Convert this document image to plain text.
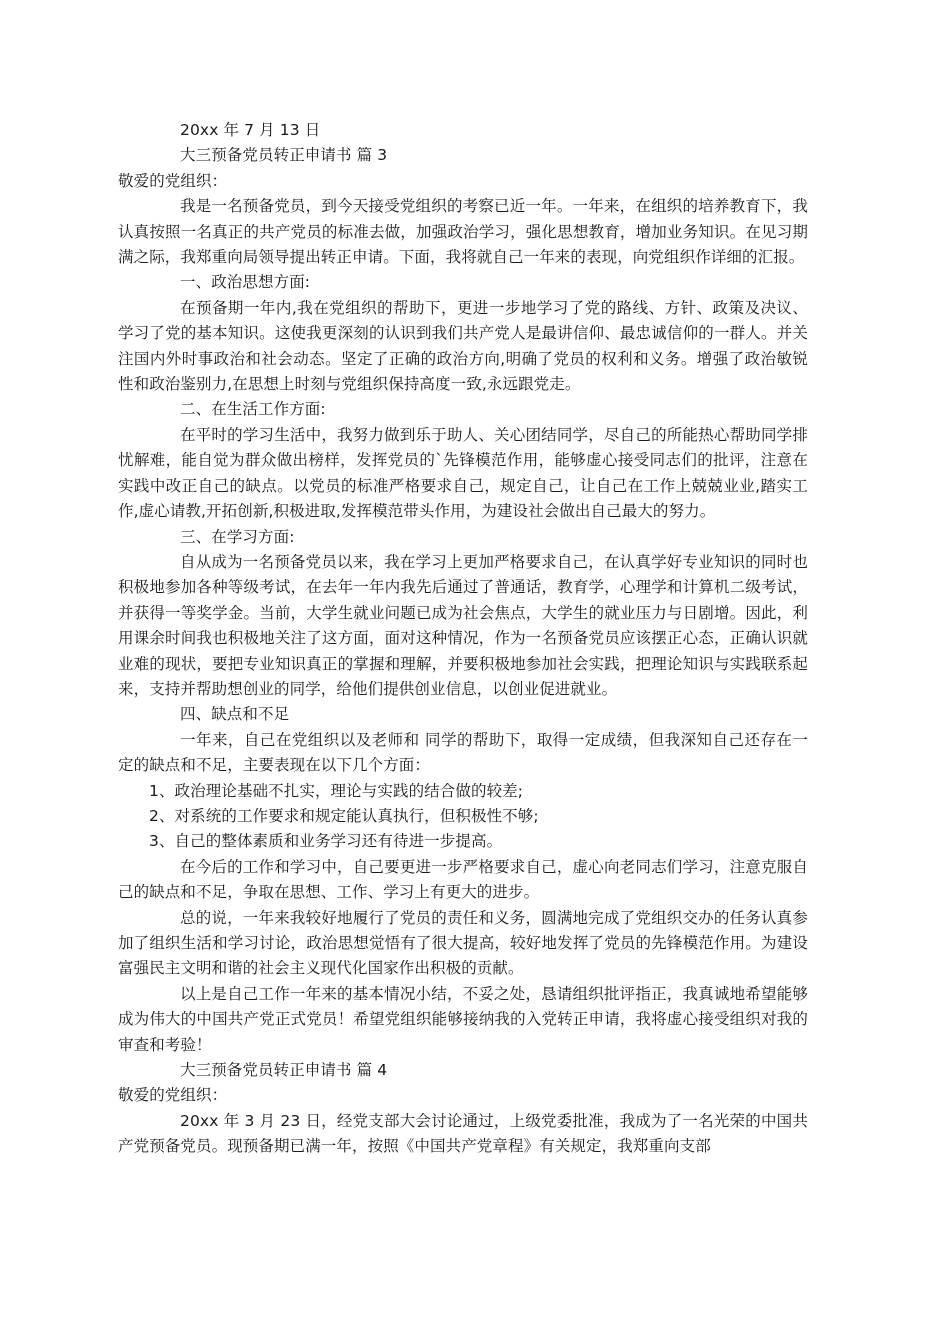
20xx 年 7 月 13 日

大三预备党员转正申请书 篇 3

敬爱的党组织：

我是一名预备党员，到今天接受党组织的考察已近一年。一年来，在组织的培养教育下，我认真按照一名真正的共产党员的标准去做，加强政治学习，强化思想教育，增加业务知识。在见习期满之际，我郑重向局领导提出转正申请。下面，我将就自己一年来的表现，向党组织作详细的汇报。

一、政治思想方面:

在预备期一年内,我在党组织的帮助下，更进一步地学习了党的路线、方针、政策及决议、学习了党的基本知识。这使我更深刻的认识到我们共产党人是最讲信仰、最忠诚信仰的一群人。并关注国内外时事政治和社会动态。坚定了正确的政治方向,明确了党员的权利和义务。增强了政治敏锐性和政治鉴别力,在思想上时刻与党组织保持高度一致,永远跟党走。

二、在生活工作方面:

在平时的学习生活中，我努力做到乐于助人、关心团结同学，尽自己的所能热心帮助同学排忧解难，能自觉为群众做出榜样，发挥党员的`先锋模范作用，能够虚心接受同志们的批评，注意在实践中改正自己的缺点。以党员的标准严格要求自己，规定自己，让自己在工作上兢兢业业,踏实工作,虚心请教,开拓创新,积极进取,发挥模范带头作用，为建设社会做出自己最大的努力。

三、在学习方面:

自从成为一名预备党员以来，我在学习上更加严格要求自己，在认真学好专业知识的同时也积极地参加各种等级考试，在去年一年内我先后通过了普通话，教育学，心理学和计算机二级考试，并获得一等奖学金。当前，大学生就业问题已成为社会焦点，大学生的就业压力与日剧增。因此，利用课余时间我也积极地关注了这方面，面对这种情况，作为一名预备党员应该摆正心态，正确认识就业难的现状，要把专业知识真正的掌握和理解，并要积极地参加社会实践，把理论知识与实践联系起来，支持并帮助想创业的同学，给他们提供创业信息，以创业促进就业。

四、缺点和不足

一年来，自己在党组织以及老师和 同学的帮助下，取得一定成绩，但我深知自己还存在一定的缺点和不足，主要表现在以下几个方面：

1、政治理论基础不扎实，理论与实践的结合做的较差;

2、对系统的工作要求和规定能认真执行，但积极性不够;

3、自己的整体素质和业务学习还有待进一步提高。

在今后的工作和学习中，自己要更进一步严格要求自己，虚心向老同志们学习，注意克服自己的缺点和不足，争取在思想、工作、学习上有更大的进步。

总的说，一年来我较好地履行了党员的责任和义务，圆满地完成了党组织交办的任务认真参加了组织生活和学习讨论，政治思想觉悟有了很大提高，较好地发挥了党员的先锋模范作用。为建设富强民主文明和谐的社会主义现代化国家作出积极的贡献。

以上是自己工作一年来的基本情况小结，不妥之处，恳请组织批评指正，我真诚地希望能够成为伟大的中国共产党正式党员！希望党组织能够接纳我的入党转正申请，我将虚心接受组织对我的审查和考验！

大三预备党员转正申请书 篇 4

敬爱的党组织：

20xx 年 3 月 23 日，经党支部大会讨论通过，上级党委批准，我成为了一名光荣的中国共产党预备党员。现预备期已满一年，按照《中国共产党章程》有关规定，我郑重向支部
